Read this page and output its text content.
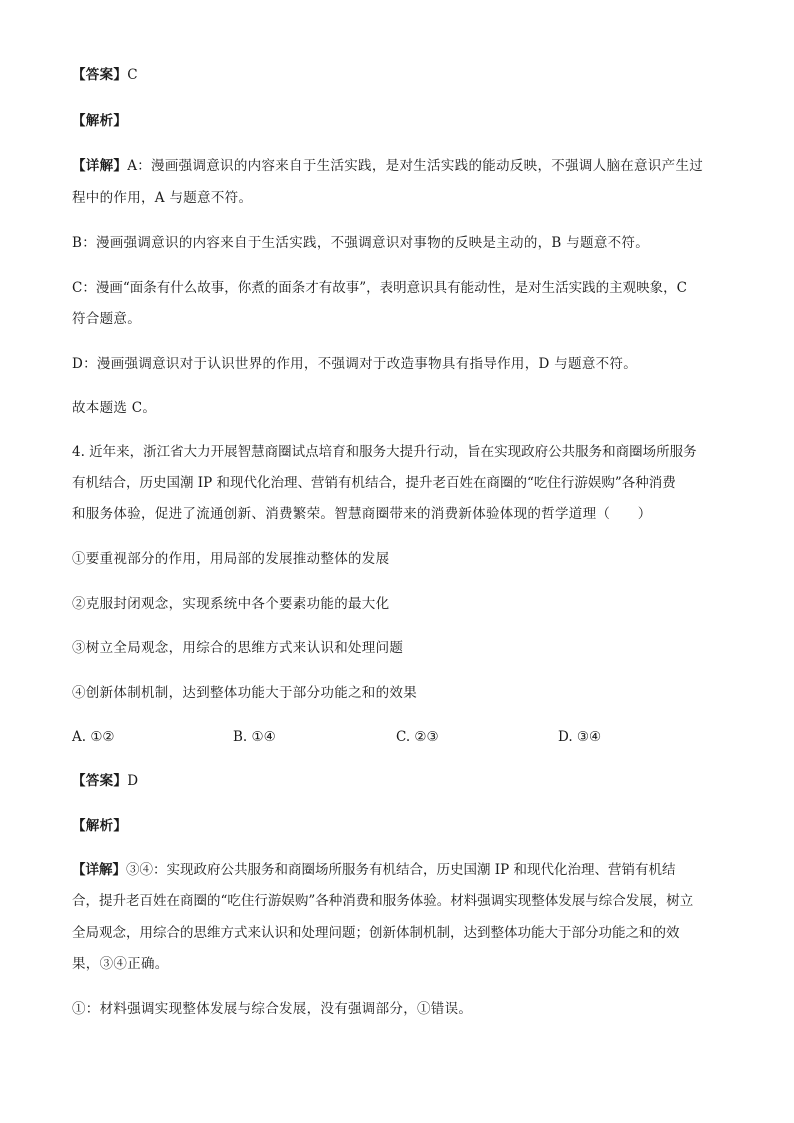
【答案】C
【解析】
【详解】A：漫画强调意识的内容来自于生活实践，是对生活实践的能动反映，不强调人脑在意识产生过
程中的作用，A 与题意不符。
B：漫画强调意识的内容来自于生活实践，不强调意识对事物的反映是主动的，B 与题意不符。
C：漫画“面条有什么故事，你煮的面条才有故事”，表明意识具有能动性，是对生活实践的主观映象，C
符合题意。
D：漫画强调意识对于认识世界的作用，不强调对于改造事物具有指导作用，D 与题意不符。
故本题选 C。
4. 近年来，浙江省大力开展智慧商圈试点培育和服务大提升行动，旨在实现政府公共服务和商圈场所服务
有机结合，历史国潮 IP 和现代化治理、营销有机结合，提升老百姓在商圈的“吃住行游娱购”各种消费
和服务体验，促进了流通创新、消费繁荣。智慧商圈带来的消费新体验体现的哲学道理（　　）
①要重视部分的作用，用局部的发展推动整体的发展
②克服封闭观念，实现系统中各个要素功能的最大化
③树立全局观念，用综合的思维方式来认识和处理问题
④创新体制机制，达到整体功能大于部分功能之和的效果
A. ①②	B. ①④	C. ②③	D. ③④
【答案】D
【解析】
【详解】③④：实现政府公共服务和商圈场所服务有机结合，历史国潮 IP 和现代化治理、营销有机结
合，提升老百姓在商圈的“吃住行游娱购”各种消费和服务体验。材料强调实现整体发展与综合发展，树立
全局观念，用综合的思维方式来认识和处理问题；创新体制机制，达到整体功能大于部分功能之和的效
果，③④正确。
①：材料强调实现整体发展与综合发展，没有强调部分，①错误。
